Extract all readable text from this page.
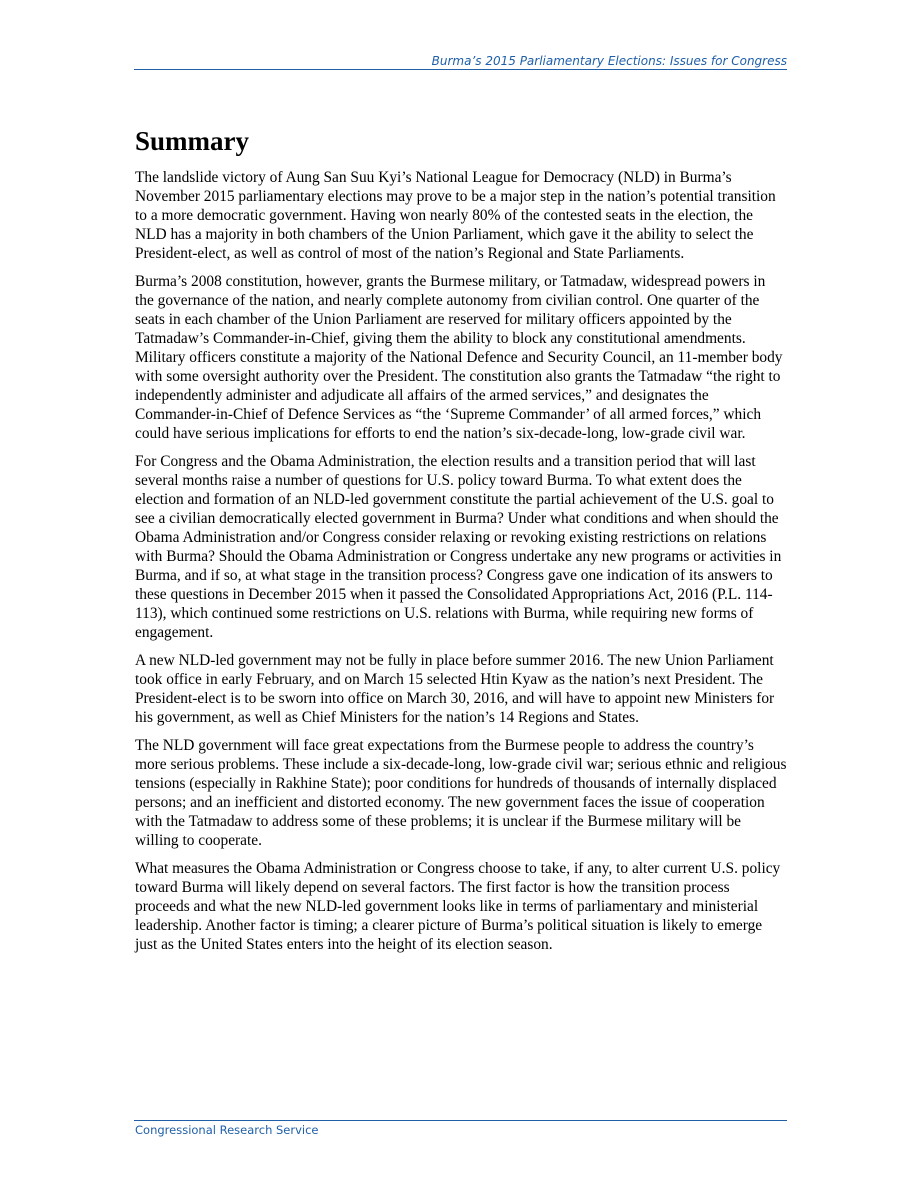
Burma’s 2015 Parliamentary Elections: Issues for Congress
Summary

The landslide victory of Aung San Suu Kyi’s National League for Democracy (NLD) in Burma’s November 2015 parliamentary elections may prove to be a major step in the nation’s potential transition to a more democratic government. Having won nearly 80% of the contested seats in the election, the NLD has a majority in both chambers of the Union Parliament, which gave it the ability to select the President-elect, as well as control of most of the nation’s Regional and State Parliaments.

Burma’s 2008 constitution, however, grants the Burmese military, or Tatmadaw, widespread powers in the governance of the nation, and nearly complete autonomy from civilian control. One quarter of the seats in each chamber of the Union Parliament are reserved for military officers appointed by the Tatmadaw’s Commander-in-Chief, giving them the ability to block any constitutional amendments. Military officers constitute a majority of the National Defence and Security Council, an 11-member body with some oversight authority over the President. The constitution also grants the Tatmadaw “the right to independently administer and adjudicate all affairs of the armed services,” and designates the Commander-in-Chief of Defence Services as “the ‘Supreme Commander’ of all armed forces,” which could have serious implications for efforts to end the nation’s six-decade-long, low-grade civil war.

For Congress and the Obama Administration, the election results and a transition period that will last several months raise a number of questions for U.S. policy toward Burma. To what extent does the election and formation of an NLD-led government constitute the partial achievement of the U.S. goal to see a civilian democratically elected government in Burma? Under what conditions and when should the Obama Administration and/or Congress consider relaxing or revoking existing restrictions on relations with Burma? Should the Obama Administration or Congress undertake any new programs or activities in Burma, and if so, at what stage in the transition process? Congress gave one indication of its answers to these questions in December 2015 when it passed the Consolidated Appropriations Act, 2016 (P.L. 114-113), which continued some restrictions on U.S. relations with Burma, while requiring new forms of engagement.

A new NLD-led government may not be fully in place before summer 2016. The new Union Parliament took office in early February, and on March 15 selected Htin Kyaw as the nation’s next President. The President-elect is to be sworn into office on March 30, 2016, and will have to appoint new Ministers for his government, as well as Chief Ministers for the nation’s 14 Regions and States.

The NLD government will face great expectations from the Burmese people to address the country’s more serious problems. These include a six-decade-long, low-grade civil war; serious ethnic and religious tensions (especially in Rakhine State); poor conditions for hundreds of thousands of internally displaced persons; and an inefficient and distorted economy. The new government faces the issue of cooperation with the Tatmadaw to address some of these problems; it is unclear if the Burmese military will be willing to cooperate.

What measures the Obama Administration or Congress choose to take, if any, to alter current U.S. policy toward Burma will likely depend on several factors. The first factor is how the transition process proceeds and what the new NLD-led government looks like in terms of parliamentary and ministerial leadership. Another factor is timing; a clearer picture of Burma’s political situation is likely to emerge just as the United States enters into the height of its election season.

Congressional Research Service
